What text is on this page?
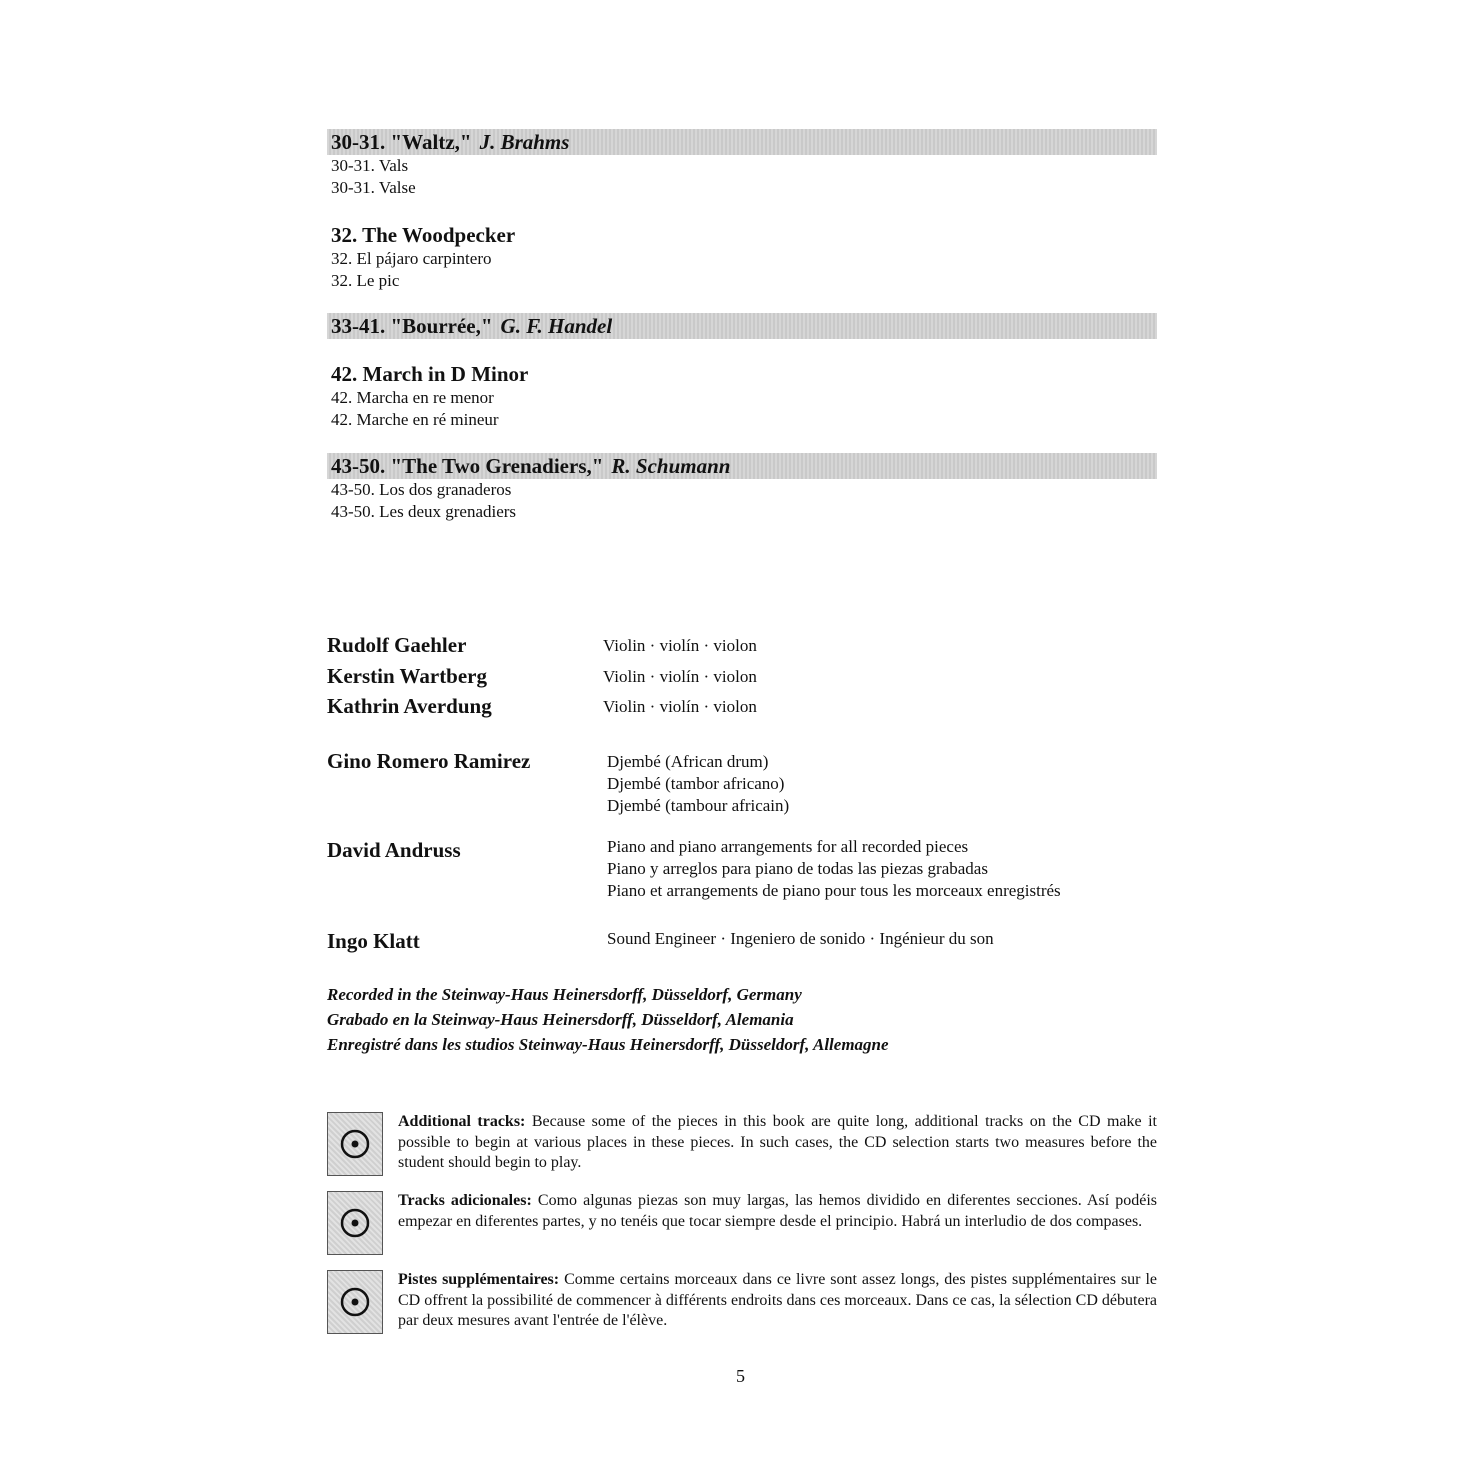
30-31. "Waltz," J. Brahms
30-31. Vals
30-31. Valse
32. The Woodpecker
32. El pájaro carpintero
32. Le pic
33-41. "Bourrée," G. F. Handel
42. March in D Minor
42. Marcha en re menor
42. Marche en ré mineur
43-50. "The Two Grenadiers," R. Schumann
43-50. Los dos granaderos
43-50. Les deux grenadiers
Rudolf Gaehler	Violin · violín · violon
Kerstin Wartberg	Violin · violín · violon
Kathrin Averdung	Violin · violín · violon
Gino Romero Ramirez	Djembé (African drum)
Djembé (tambor africano)
Djembé (tambour africain)
David Andruss	Piano and piano arrangements for all recorded pieces
Piano y arreglos para piano de todas las piezas grabadas
Piano et arrangements de piano pour tous les morceaux enregistrés
Ingo Klatt	Sound Engineer · Ingeniero de sonido · Ingénieur du son
Recorded in the Steinway-Haus Heinersdorff, Düsseldorf, Germany
Grabado en la Steinway-Haus Heinersdorff, Düsseldorf, Alemania
Enregistré dans les studios Steinway-Haus Heinersdorff, Düsseldorf, Allemagne
Additional tracks: Because some of the pieces in this book are quite long, additional tracks on the CD make it possible to begin at various places in these pieces. In such cases, the CD selection starts two measures before the student should begin to play.
Tracks adicionales: Como algunas piezas son muy largas, las hemos dividido en diferentes secciones. Así podéis empezar en diferentes partes, y no tenéis que tocar siempre desde el principio. Habrá un interludio de dos compases.
Pistes supplémentaires: Comme certains morceaux dans ce livre sont assez longs, des pistes supplémentaires sur le CD offrent la possibilité de commencer à différents endroits dans ces morceaux. Dans ce cas, la sélection CD débutera par deux mesures avant l'entrée de l'élève.
5
